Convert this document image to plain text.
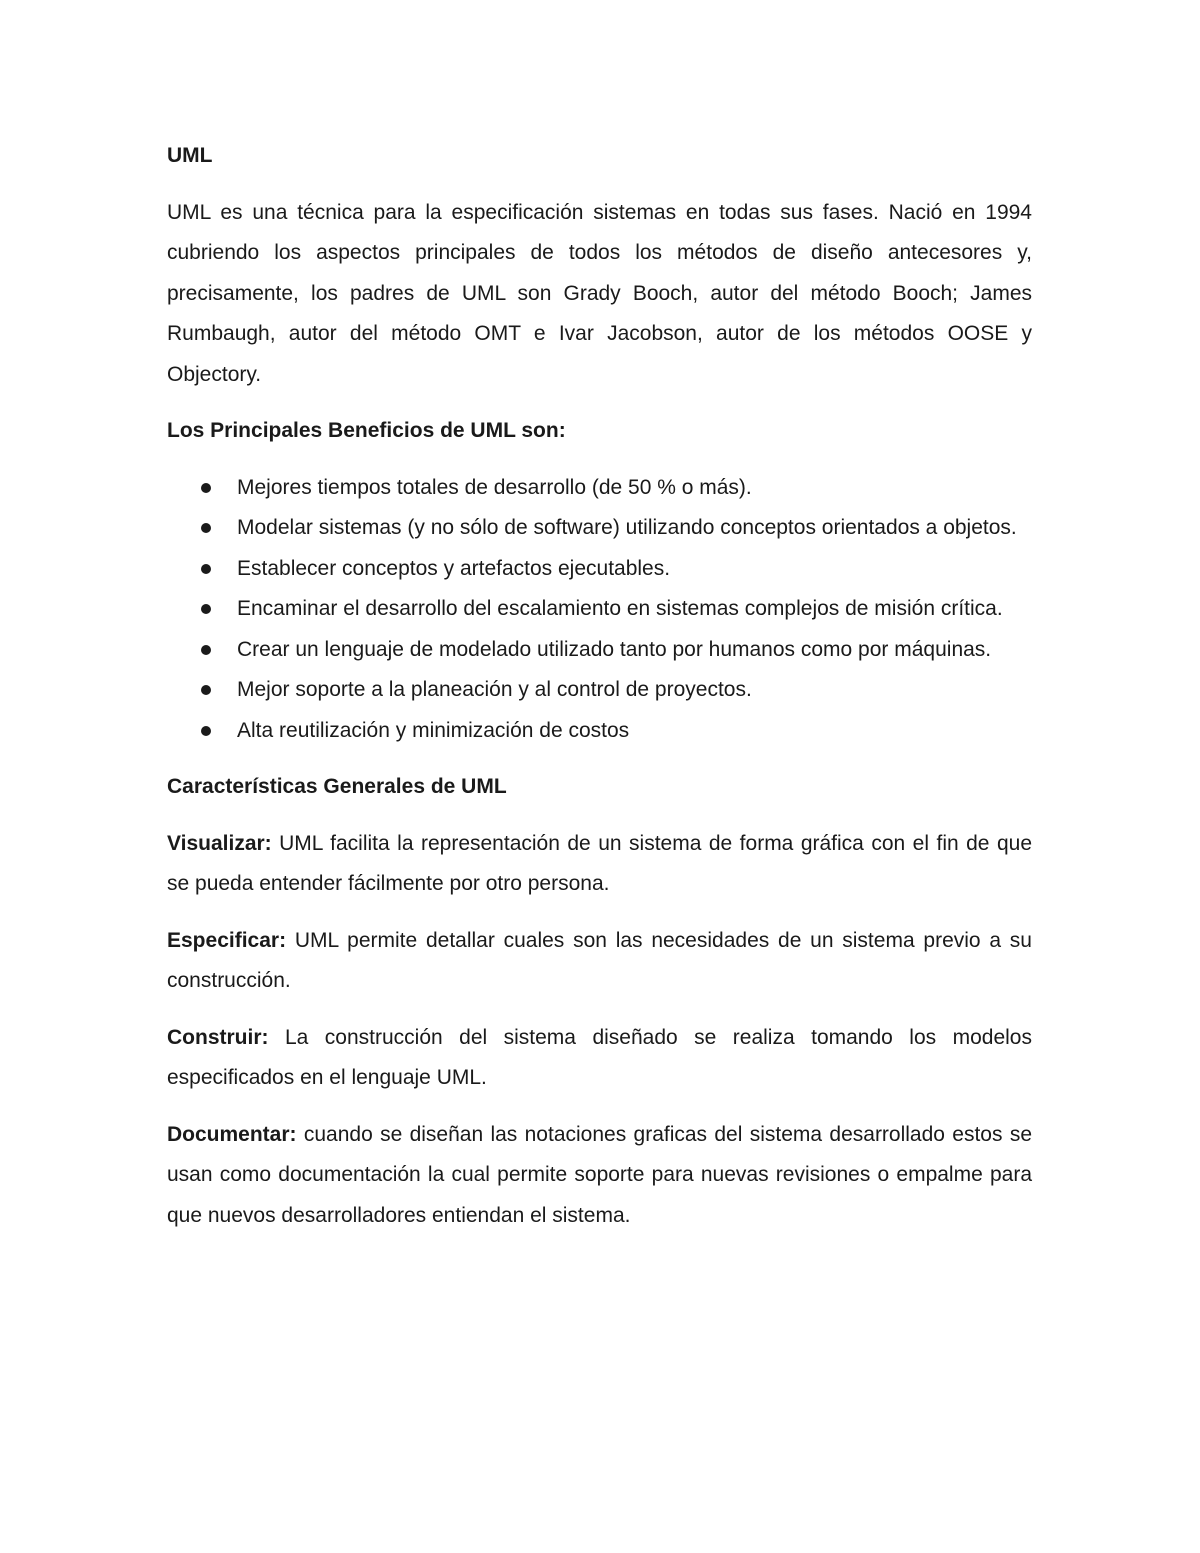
UML

UML es una técnica para la especificación sistemas en todas sus fases. Nació en 1994 cubriendo los aspectos principales de todos los métodos de diseño antecesores y, precisamente, los padres de UML son Grady Booch, autor del método Booch; James Rumbaugh, autor del método OMT e Ivar Jacobson, autor de los métodos OOSE y Objectory.

Los Principales Beneficios de UML son:
Mejores tiempos totales de desarrollo (de 50 % o más).
Modelar sistemas (y no sólo de software) utilizando conceptos orientados a objetos.
Establecer conceptos y artefactos ejecutables.
Encaminar el desarrollo del escalamiento en sistemas complejos de misión crítica.
Crear un lenguaje de modelado utilizado tanto por humanos como por máquinas.
Mejor soporte a la planeación y al control de proyectos.
Alta reutilización y minimización de costos
Características Generales de UML

Visualizar: UML facilita la representación de un sistema de forma gráfica con el fin de que se pueda entender fácilmente por otro persona.

Especificar: UML permite detallar cuales son las necesidades de un sistema previo a su construcción.

Construir: La construcción del sistema diseñado se realiza tomando los modelos especificados en el lenguaje UML.

Documentar: cuando se diseñan las notaciones graficas del sistema desarrollado estos se usan como documentación la cual permite soporte para nuevas revisiones o empalme para que nuevos desarrolladores entiendan el sistema.
